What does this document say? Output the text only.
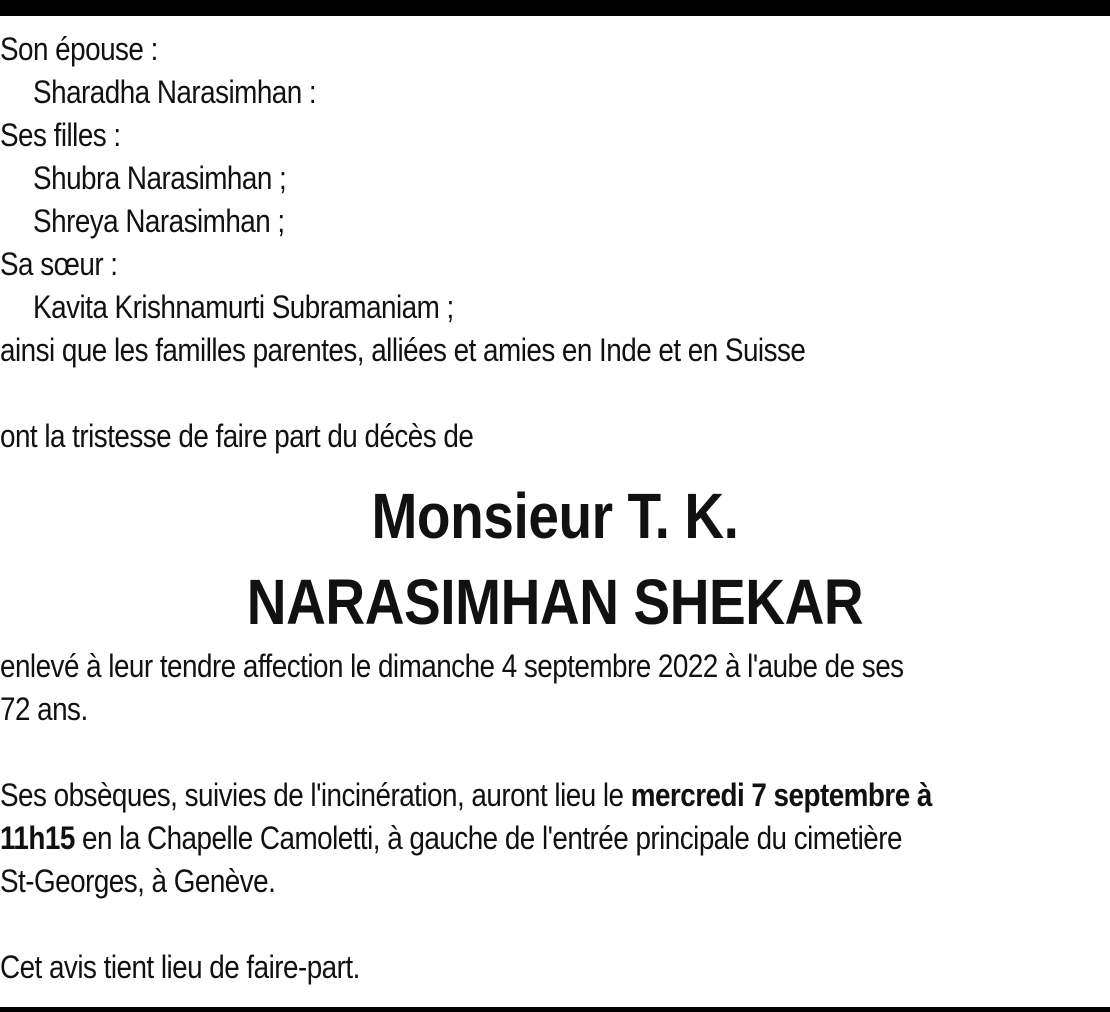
Son épouse :
Sharadha Narasimhan :
Ses filles :
Shubra Narasimhan ;
Shreya Narasimhan ;
Sa sœur :
Kavita Krishnamurti Subramaniam ;
ainsi que les familles parentes, alliées et amies en Inde et en Suisse
ont la tristesse de faire part du décès de
Monsieur T. K.
NARASIMHAN SHEKAR
enlevé à leur tendre affection le dimanche 4 septembre 2022 à l'aube de ses
72 ans.
Ses obsèques, suivies de l'incinération, auront lieu le mercredi 7 septembre à
11h15 en la Chapelle Camoletti, à gauche de l'entrée principale du cimetière
St-Georges, à Genève.
Cet avis tient lieu de faire-part.
